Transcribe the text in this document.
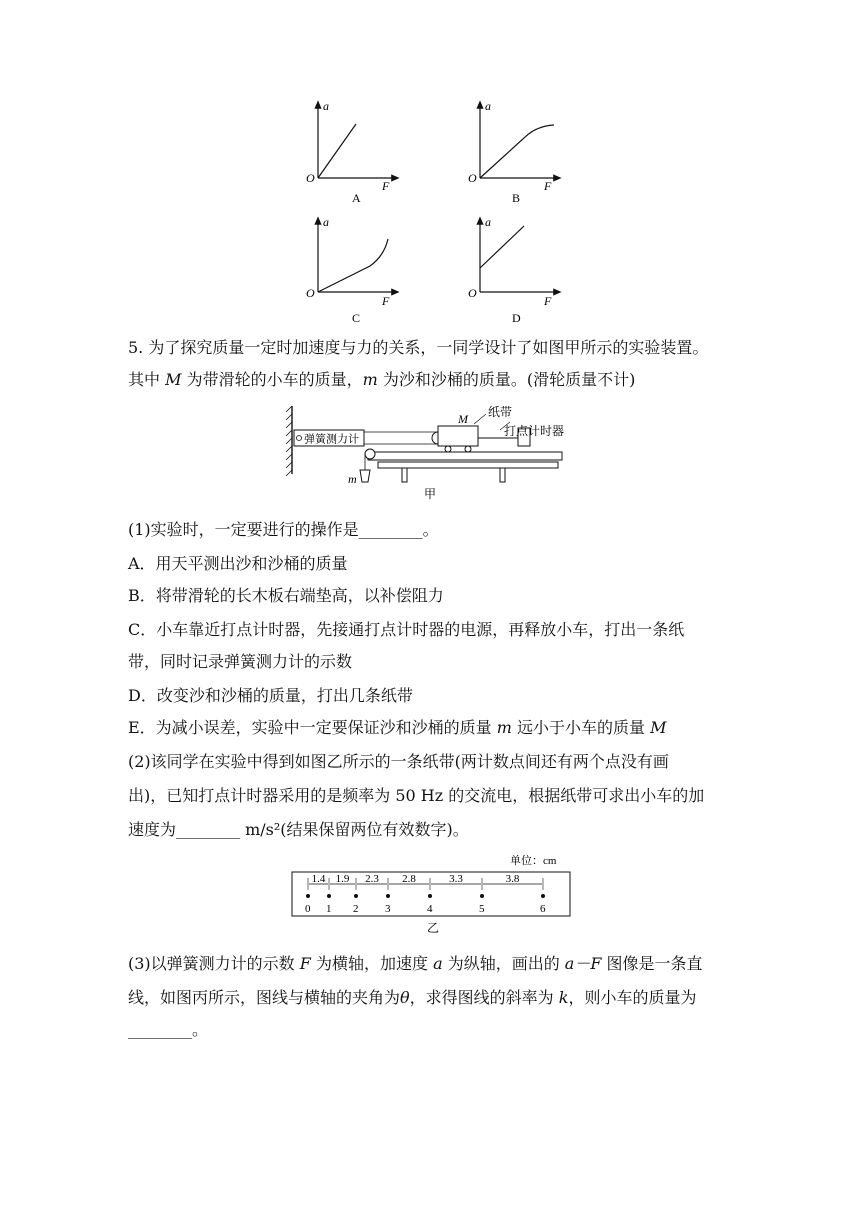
a
O
F
A
a
O
F
B
a
O
F
C
a
O
F
D
5. 为了探究质量一定时加速度与力的关系，一同学设计了如图甲所示的实验装置。
其中 M 为带滑轮的小车的质量，m 为沙和沙桶的质量。(滑轮质量不计)
弹簧测力计
M 纸带
打点计时器
m
甲
(1)实验时，一定要进行的操作是________。
A．用天平测出沙和沙桶的质量
B．将带滑轮的长木板右端垫高，以补偿阻力
C．小车靠近打点计时器，先接通打点计时器的电源，再释放小车，打出一条纸
带，同时记录弹簧测力计的示数
D．改变沙和沙桶的质量，打出几条纸带
E．为减小误差，实验中一定要保证沙和沙桶的质量 m 远小于小车的质量 M
(2)该同学在实验中得到如图乙所示的一条纸带(两计数点间还有两个点没有画
出)，已知打点计时器采用的是频率为 50 Hz 的交流电，根据纸带可求出小车的加
速度为________ m/s²(结果保留两位有效数字)。
单位：cm
0 1 2 3	4	5	6
1.4 1.9 2.3 2.8	3.3	3.8
乙
(3)以弹簧测力计的示数 F 为横轴，加速度 a 为纵轴，画出的 a－F 图像是一条直
线，如图丙所示，图线与横轴的夹角为θ，求得图线的斜率为 k，则小车的质量为
________。
